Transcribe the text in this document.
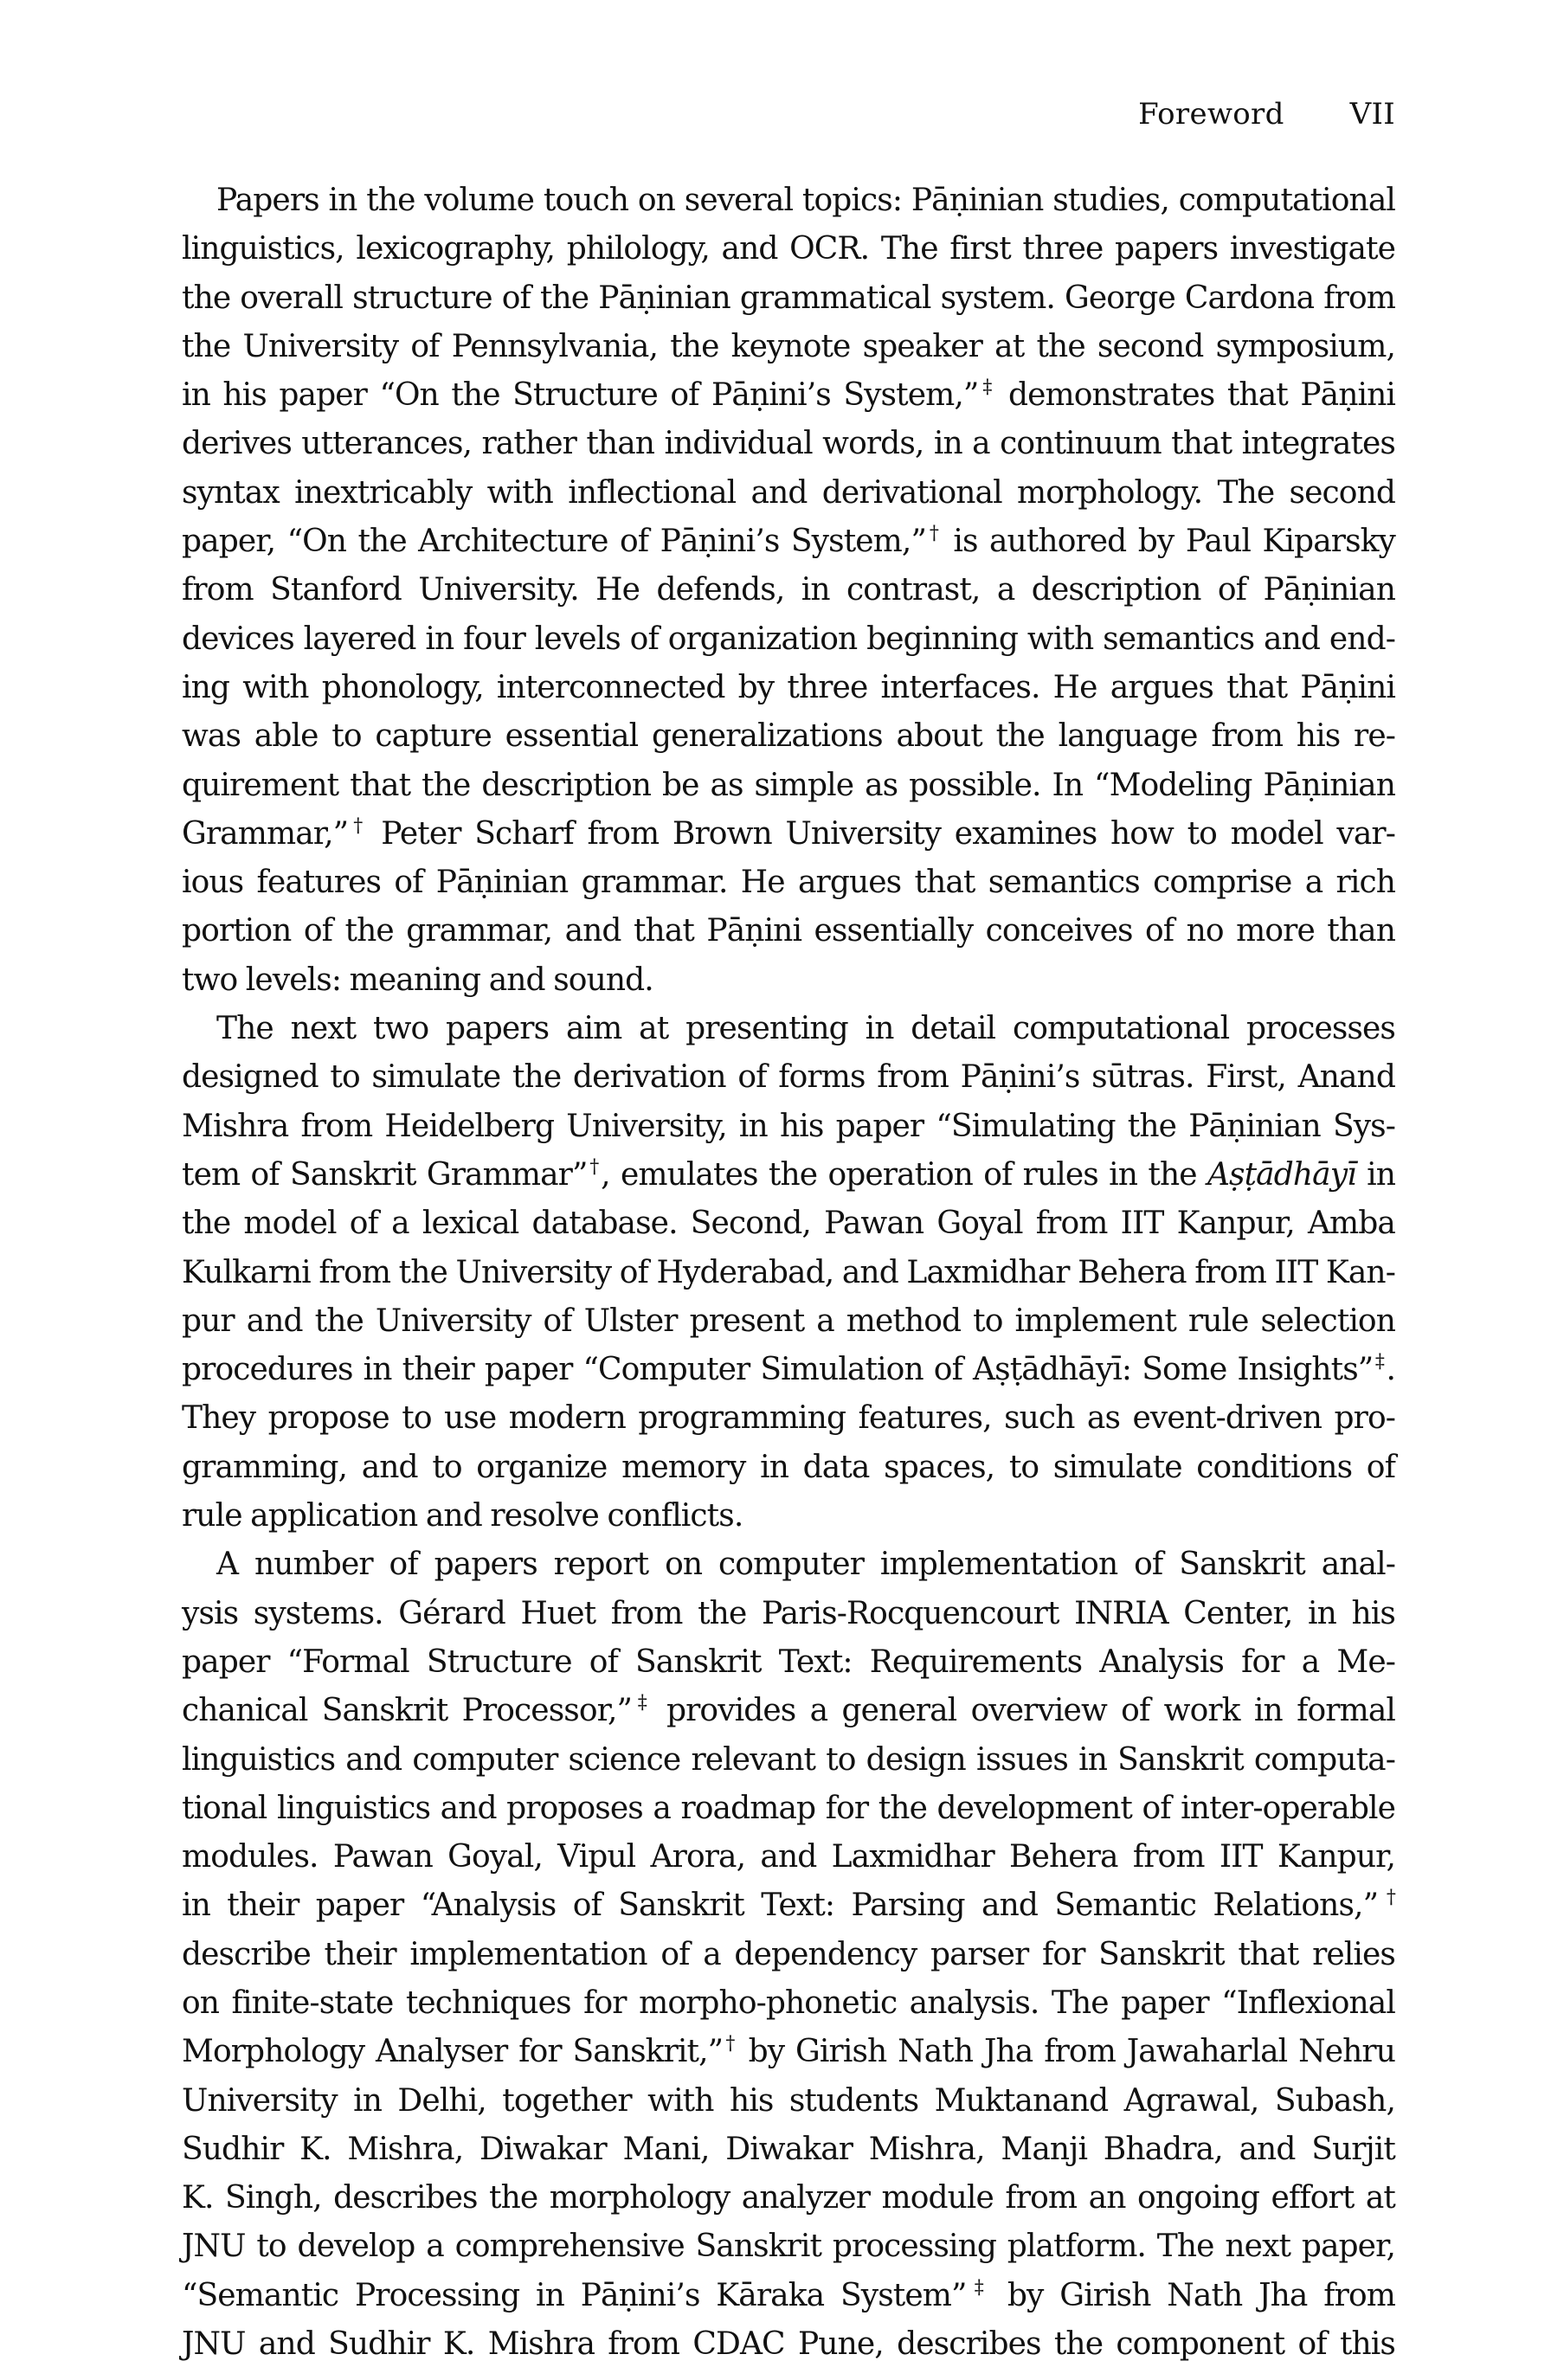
Foreword VII
Papers in the volume touch on several topics: Pāṇinian studies, computational
linguistics, lexicography, philology, and OCR. The first three papers investigate
the overall structure of the Pāṇinian grammatical system. George Cardona from
the University of Pennsylvania, the keynote speaker at the second symposium,
in his paper “On the Structure of Pāṇini’s System,”‡ demonstrates that Pāṇini
derives utterances, rather than individual words, in a continuum that integrates
syntax inextricably with inflectional and derivational morphology. The second
paper, “On the Architecture of Pāṇini’s System,”† is authored by Paul Kiparsky
from Stanford University. He defends, in contrast, a description of Pāṇinian
devices layered in four levels of organization beginning with semantics and end-
ing with phonology, interconnected by three interfaces. He argues that Pāṇini
was able to capture essential generalizations about the language from his re-
quirement that the description be as simple as possible. In “Modeling Pāṇinian
Grammar,”† Peter Scharf from Brown University examines how to model var-
ious features of Pāṇinian grammar. He argues that semantics comprise a rich
portion of the grammar, and that Pāṇini essentially conceives of no more than
two levels: meaning and sound.
The next two papers aim at presenting in detail computational processes
designed to simulate the derivation of forms from Pāṇini’s sūtras. First, Anand
Mishra from Heidelberg University, in his paper “Simulating the Pāṇinian Sys-
tem of Sanskrit Grammar”†, emulates the operation of rules in the Aṣṭādhāyī in
the model of a lexical database. Second, Pawan Goyal from IIT Kanpur, Amba
Kulkarni from the University of Hyderabad, and Laxmidhar Behera from IIT Kan-
pur and the University of Ulster present a method to implement rule selection
procedures in their paper “Computer Simulation of Aṣṭādhāyī: Some Insights”‡.
They propose to use modern programming features, such as event-driven pro-
gramming, and to organize memory in data spaces, to simulate conditions of
rule application and resolve conflicts.
A number of papers report on computer implementation of Sanskrit anal-
ysis systems. Gérard Huet from the Paris-Rocquencourt INRIA Center, in his
paper “Formal Structure of Sanskrit Text: Requirements Analysis for a Me-
chanical Sanskrit Processor,”‡ provides a general overview of work in formal
linguistics and computer science relevant to design issues in Sanskrit computa-
tional linguistics and proposes a roadmap for the development of inter-operable
modules. Pawan Goyal, Vipul Arora, and Laxmidhar Behera from IIT Kanpur,
in their paper “Analysis of Sanskrit Text: Parsing and Semantic Relations,”†
describe their implementation of a dependency parser for Sanskrit that relies
on finite-state techniques for morpho-phonetic analysis. The paper “Inflexional
Morphology Analyser for Sanskrit,”† by Girish Nath Jha from Jawaharlal Nehru
University in Delhi, together with his students Muktanand Agrawal, Subash,
Sudhir K. Mishra, Diwakar Mani, Diwakar Mishra, Manji Bhadra, and Surjit
K. Singh, describes the morphology analyzer module from an ongoing effort at
JNU to develop a comprehensive Sanskrit processing platform. The next paper,
“Semantic Processing in Pāṇini’s Kāraka System”‡ by Girish Nath Jha from
JNU and Sudhir K. Mishra from CDAC Pune, describes the component of this
